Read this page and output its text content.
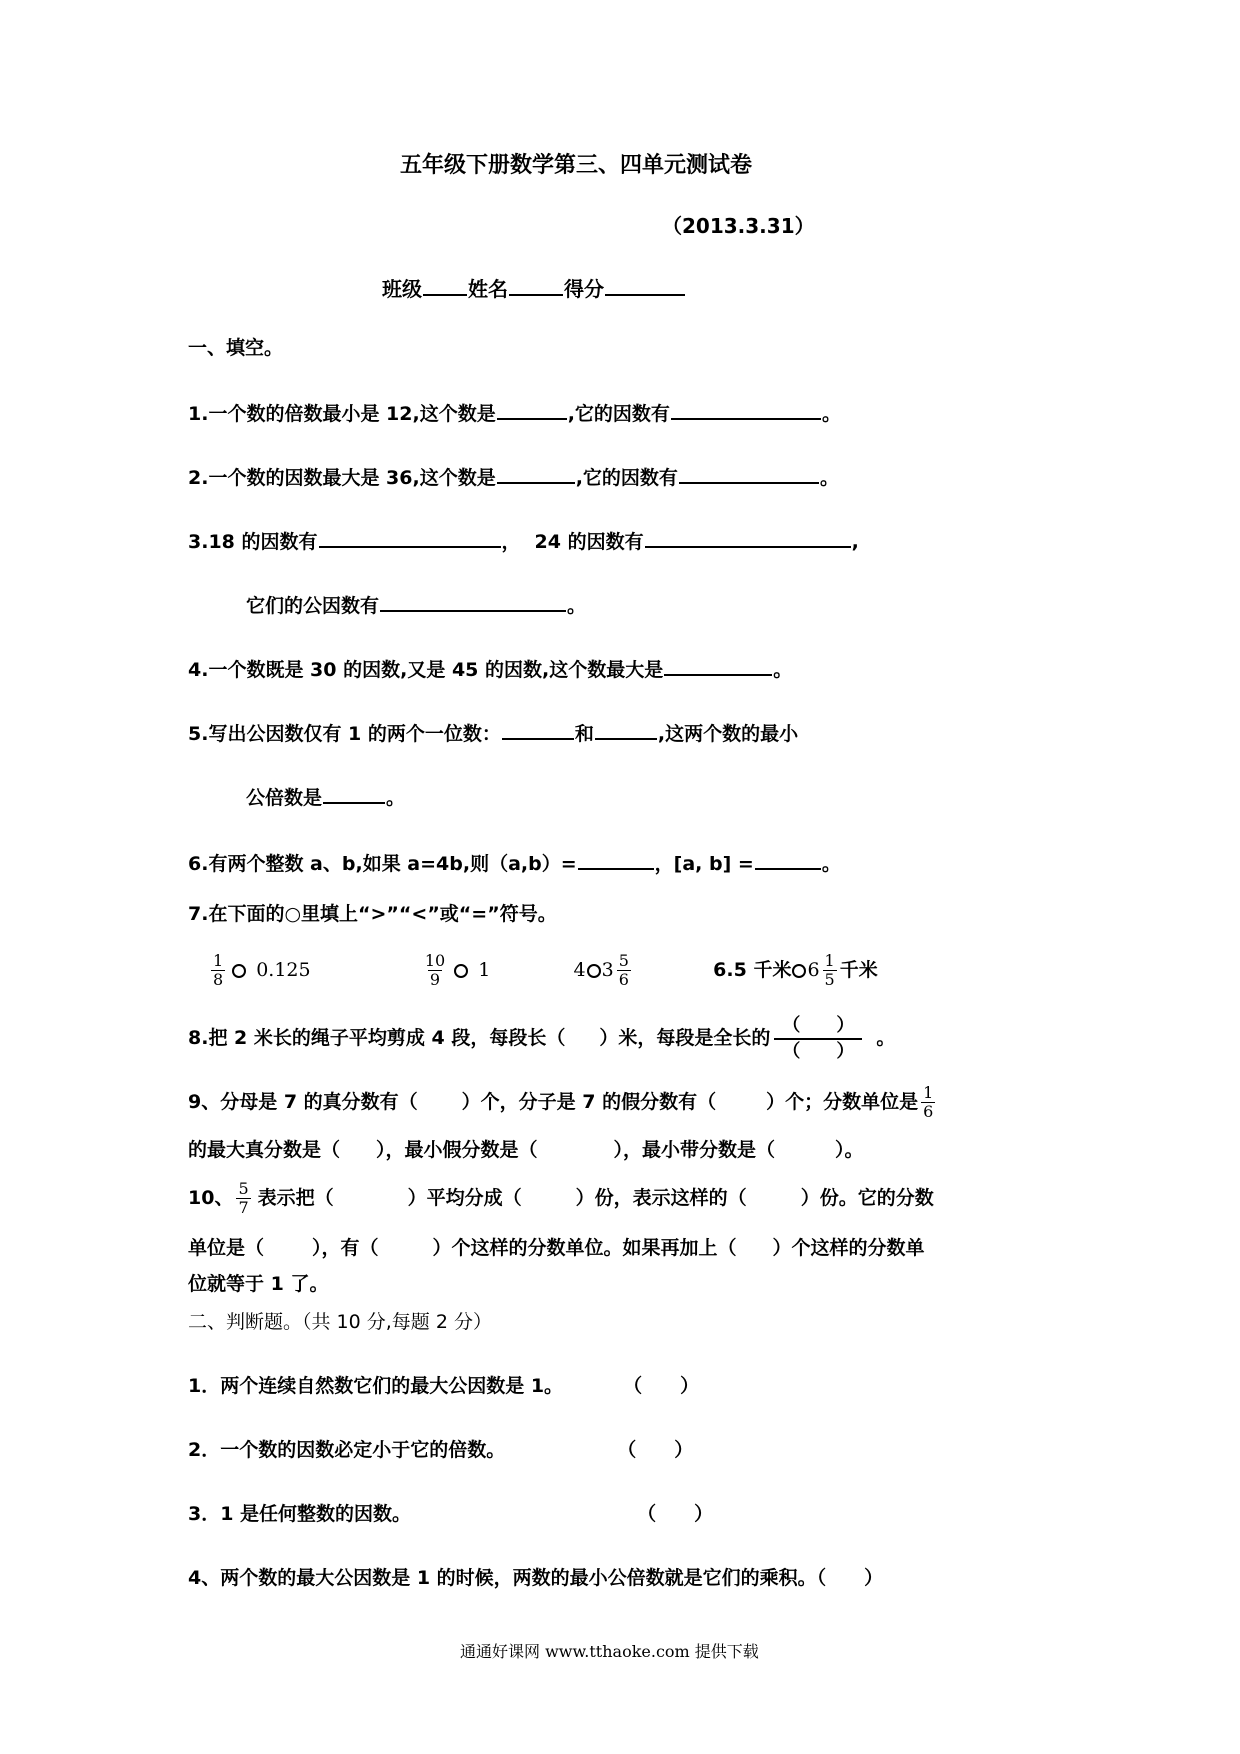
五年级下册数学第三、四单元测试卷
（2013.3.31）
班级 姓名	得分
一、填空。
1.一个数的倍数最小是 12,这个数是	,它的因数有	。
2.一个数的因数最大是 36,这个数是	,它的因数有	。
3.18 的因数有	， 24 的因数有	,
它们的公因数有	。
4.一个数既是 30 的因数,又是 45 的因数,这个数最大是	。
5.写出公因数仅有 1 的两个一位数：	和	,这两个数的最小
公倍数是	。
6.有两个整数 a、b,如果 a=4b,则（a,b）=	，[a, b] =	。
7.在下面的○里填上“>”“<”或“=”符号。
$\frac{1}{8} 0.125$	$\frac{10}{9} 1$	4 $3 \frac{5}{6}$	6.5 千米 $6 \frac{1}{5}$ 千米
8.把 2 米长的绳子平均剪成 4 段，每段长（ ）米，每段是全长的 $\frac{( )}{( )}$ 。
9、分母是 7 的真分数有（ ）个，分子是 7 的假分数有（	）个；分数单位是 $\frac{1}{6}$
的最大真分数是（ ），最小假分数是（	），最小带分数是（	）。
10、 $\frac{5}{7}$ 表示把（	）平均分成（	）份，表示这样的（	）份。它的分数
单位是（	），有（	）个这样的分数单位。如果再加上（ ）个这样的分数单
位就等于 1 了。
二、判断题。（共 10 分,每题 2 分）
1．两个连续自然数它们的最大公因数是 1。	（　　）
2．一个数的因数必定小于它的倍数。	（　　）
3．1 是任何整数的因数。	（　　）
4、两个数的最大公因数是 1 的时候，两数的最小公倍数就是它们的乘积。（　　）
通通好课网 www.tthaoke.com 提供下载
